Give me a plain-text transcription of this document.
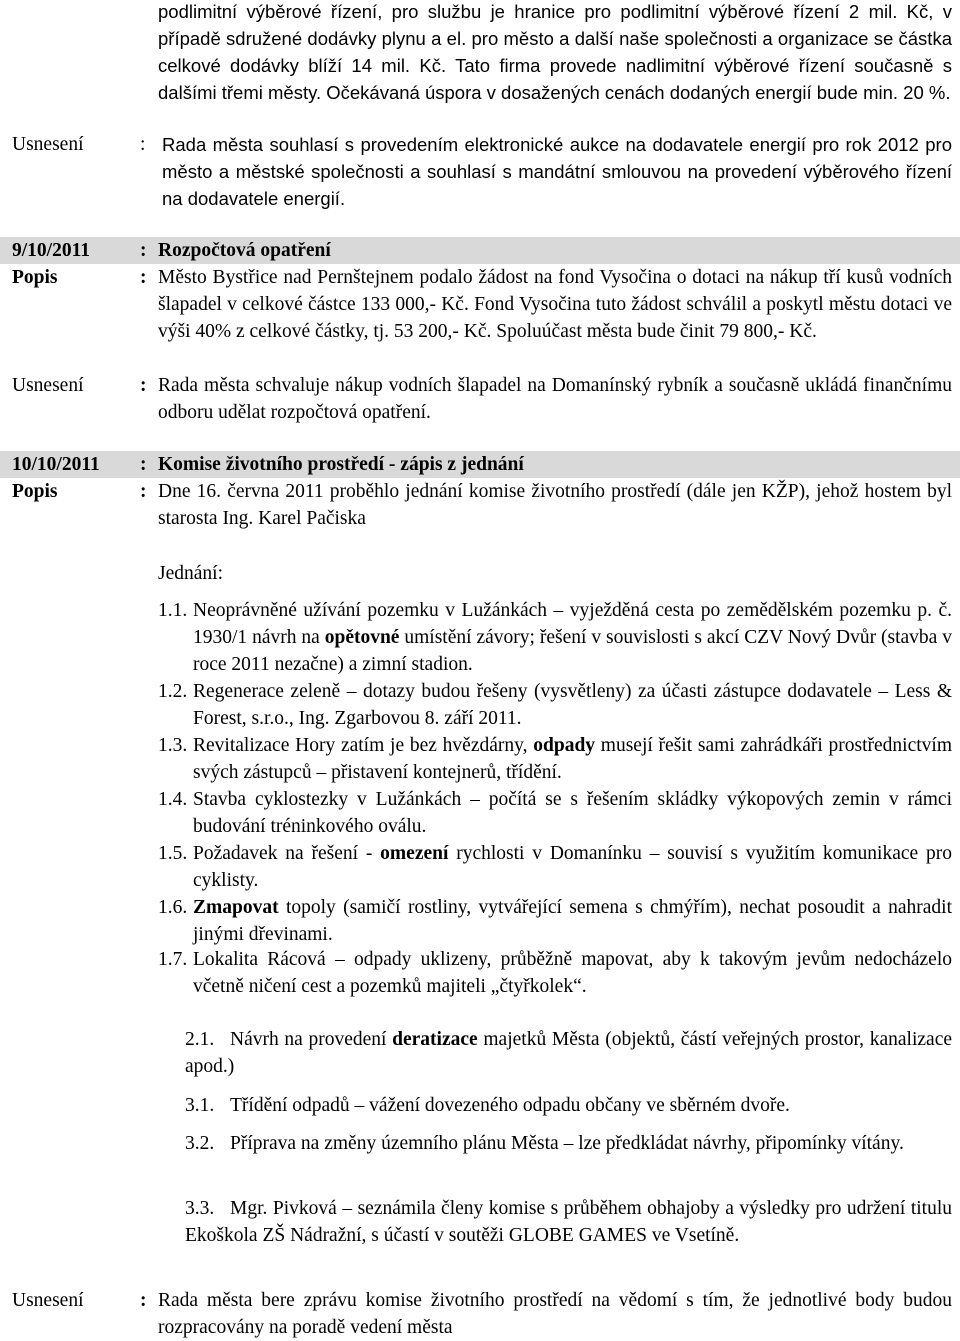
podlimitní výběrové řízení, pro službu je hranice pro podlimitní výběrové řízení 2 mil. Kč, v případě sdružené dodávky plynu a el. pro město a další naše společnosti a organizace se částka celkové dodávky blíží 14 mil. Kč. Tato firma provede nadlimitní výběrové řízení současně s dalšími třemi městy. Očekávaná úspora v dosažených cenách dodaných energií bude min. 20 %.
Usnesení	: Rada města souhlasí s provedením elektronické aukce na dodavatele energií pro rok 2012 pro město a městské společnosti a souhlasí s mandátní smlouvou na provedení výběrového řízení na dodavatele energií.
9/10/2011	: Rozpočtová opatření
Popis	: Město Bystřice nad Pernštejnem podalo žádost na fond Vysočina o dotaci na nákup tří kusů vodních šlapadel v celkové částce 133 000,- Kč. Fond Vysočina tuto žádost schválil a poskytl městu dotaci ve výši 40% z celkové částky, tj. 53 200,- Kč. Spoluúčast města bude činit 79 800,- Kč.
Usnesení	: Rada města schvaluje nákup vodních šlapadel na Domanínský rybník a současně ukládá finančnímu odboru udělat rozpočtová opatření.
10/10/2011 : Komise životního prostředí - zápis z jednání
Popis	: Dne 16. června 2011 proběhlo jednání komise životního prostředí (dále jen KŽP), jehož hostem byl starosta Ing. Karel Pačiska
Jednání:
1.1. Neoprávněné užívání pozemku v Lužánkách – vyježděná cesta po zemědělském pozemku p. č. 1930/1 návrh na opětovné umístění závory; řešení v souvislosti s akcí CZV Nový Dvůr (stavba v roce 2011 nezačne) a zimní stadion.
1.2. Regenerace zeleně – dotazy budou řešeny (vysvětleny) za účasti zástupce dodavatele – Less & Forest, s.r.o., Ing. Zgarbovou 8. září 2011.
1.3. Revitalizace Hory zatím je bez hvězdárny, odpady musejí řešit sami zahrádkáři prostřednictvím svých zástupců – přistavení kontejnerů, třídění.
1.4. Stavba cyklostezky v Lužánkách – počítá se s řešením skládky výkopových zemin v rámci budování tréninkového oválu.
1.5. Požadavek na řešení - omezení rychlosti v Domanínku – souvisí s využitím komunikace pro cyklisty.
1.6. Zmapovat topoly (samičí rostliny, vytvářející semena s chmýřím), nechat posoudit a nahradit jinými dřevinami.
1.7. Lokalita Rácová – odpady uklizeny, průběžně mapovat, aby k takovým jevům nedocházelo včetně ničení cest a pozemků majiteli „čtyřkolek“.
2.1. Návrh na provedení deratizace majetků Města (objektů, částí veřejných prostor, kanalizace apod.)
3.1. Třídění odpadů – vážení dovezeného odpadu občany ve sběrném dvoře.
3.2. Příprava na změny územního plánu Města – lze předkládat návrhy, připomínky vítány.
3.3. Mgr. Pivková – seznámila členy komise s průběhem obhajoby a výsledky pro udržení titulu Ekoškola ZŠ Nádražní, s účastí v soutěži GLOBE GAMES ve Vsetíně.
Usnesení	: Rada města bere zprávu komise životního prostředí na vědomí s tím, že jednotlivé body budou rozpracovány na poradě vedení města
